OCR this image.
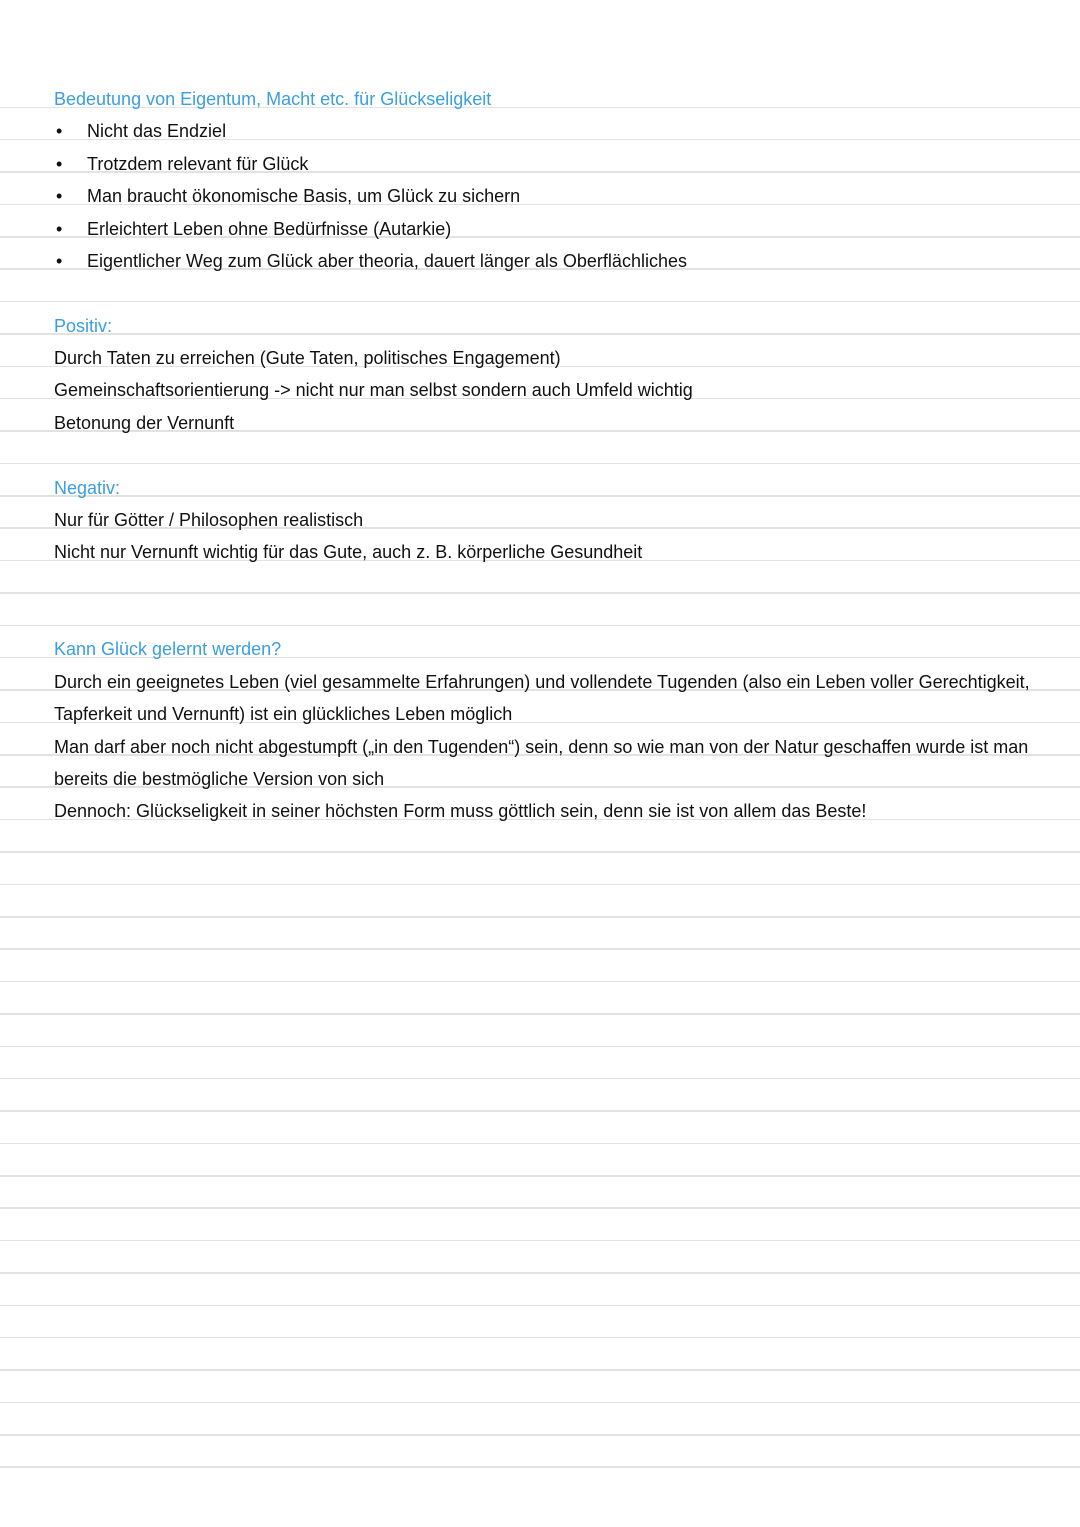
Bedeutung von Eigentum, Macht etc. für Glückseligkeit
• Nicht das Endziel
• Trotzdem relevant für Glück
• Man braucht ökonomische Basis, um Glück zu sichern
• Erleichtert Leben ohne Bedürfnisse (Autarkie)
• Eigentlicher Weg zum Glück aber theoria, dauert länger als Oberflächliches
Positiv:
Durch Taten zu erreichen (Gute Taten, politisches Engagement)
Gemeinschaftsorientierung -> nicht nur man selbst sondern auch Umfeld wichtig
Betonung der Vernunft
Negativ:
Nur für Götter / Philosophen realistisch
Nicht nur Vernunft wichtig für das Gute, auch z. B. körperliche Gesundheit
Kann Glück gelernt werden?
Durch ein geeignetes Leben (viel gesammelte Erfahrungen) und vollendete Tugenden (also ein Leben voller Gerechtigkeit,
Tapferkeit und Vernunft) ist ein glückliches Leben möglich
Man darf aber noch nicht abgestumpft („in den Tugenden“) sein, denn so wie man von der Natur geschaffen wurde ist man
bereits die bestmögliche Version von sich
Dennoch: Glückseligkeit in seiner höchsten Form muss göttlich sein, denn sie ist von allem das Beste!
